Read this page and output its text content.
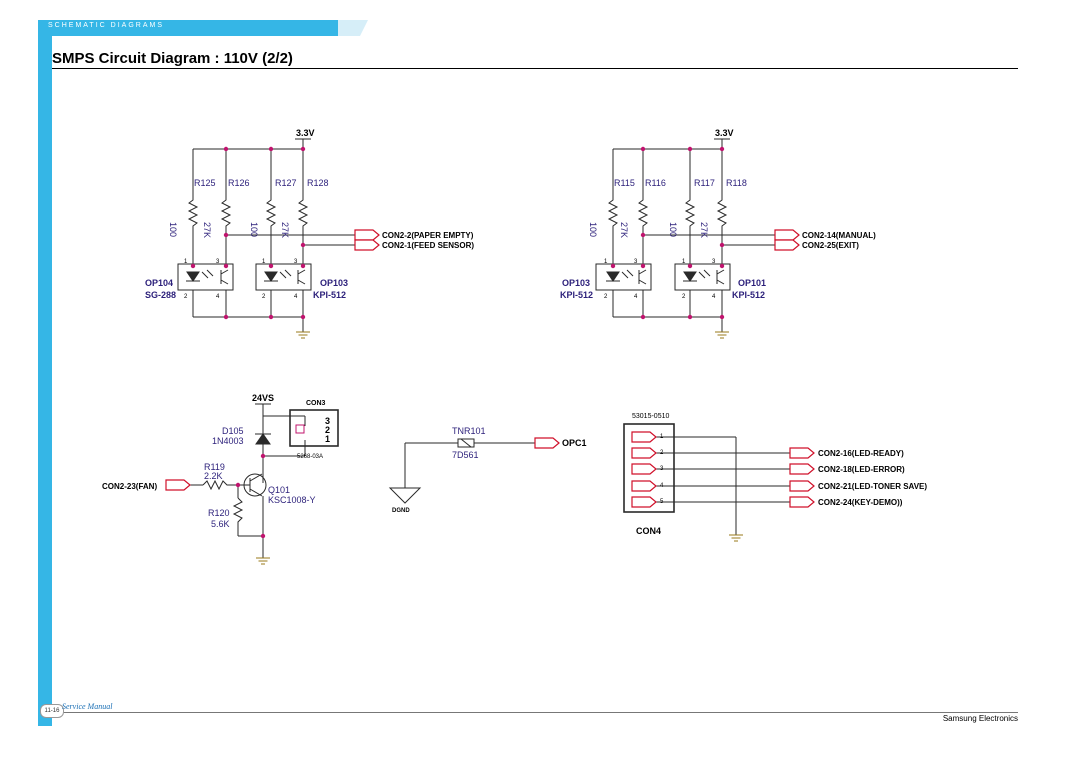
SCHEMATIC DIAGRAMS
SMPS Circuit Diagram : 110V (2/2)
3.3V
R125 R126	R127 R128
100	27K	100 27K	CON2-2(PAPER EMPTY)
CON2-1(FEED SENSOR)
1	3
2	4
1	3
2	4
OP104
SG-288
OP103
KPI-512
3.3V
R115 R116	R117 R118
100 27K	100 27K	CON2-14(MANUAL)
CON2-25(EXIT)
1	3
2	4
1	3
2	4
OP103
KPI-512
OP101
KPI-512
24VS
CON3
3
2
1
5268-03A
D105
1N4003
R119
2.2K
R120
5.6K
Q101
KSC1008-Y
CON2-23(FAN)
TNR101
7D561
OPC1
DGND
53015-0510
1
2
3
4
5
CON4
CON2-16(LED-READY)
CON2-18(LED-ERROR)
CON2-21(LED-TONER SAVE)
CON2-24(KEY-DEMO))
11-16 Service Manual
Samsung Electronics
